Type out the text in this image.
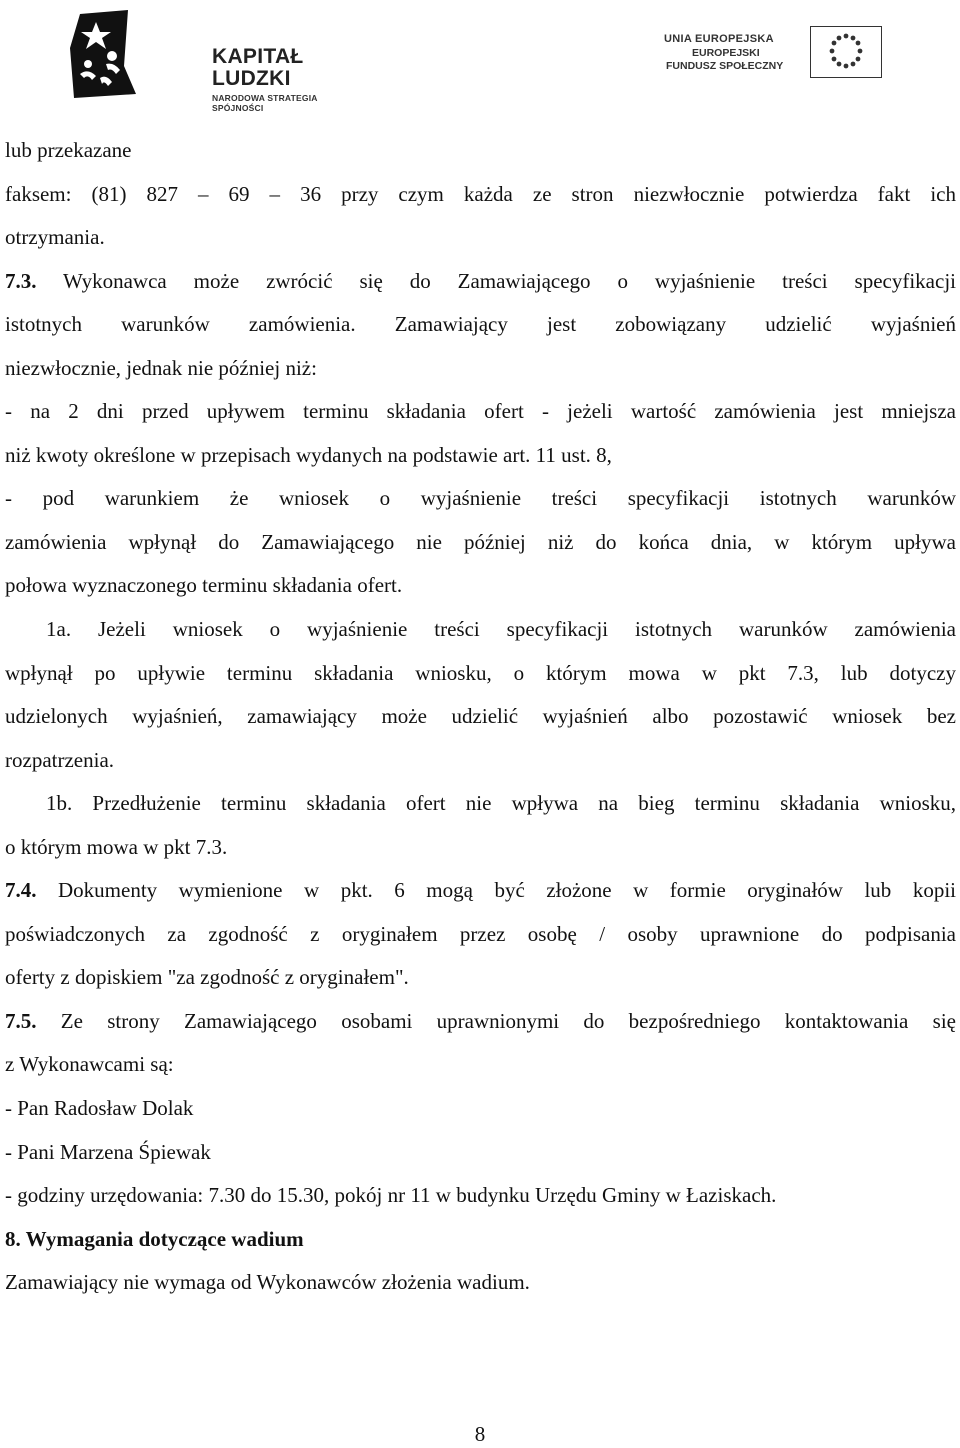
KAPITAŁ LUDZKI
NARODOWA STRATEGIA SPÓJNOŚCI
UNIA EUROPEJSKA
EUROPEJSKI
FUNDUSZ SPOŁECZNY
lub przekazane
faksem: (81) 827 – 69 – 36 przy czym każda ze stron niezwłocznie potwierdza fakt ich
otrzymania.
7.3. Wykonawca może zwrócić się do Zamawiającego o wyjaśnienie treści specyfikacji
istotnych warunków zamówienia. Zamawiający jest zobowiązany udzielić wyjaśnień
niezwłocznie, jednak nie później niż:
- na 2 dni przed upływem terminu składania ofert - jeżeli wartość zamówienia jest mniejsza
niż kwoty określone w przepisach wydanych na podstawie art. 11 ust. 8,
- pod warunkiem że wniosek o wyjaśnienie treści specyfikacji istotnych warunków
zamówienia wpłynął do Zamawiającego nie później niż do końca dnia, w którym upływa
połowa wyznaczonego terminu składania ofert.
1a. Jeżeli wniosek o wyjaśnienie treści specyfikacji istotnych warunków zamówienia
wpłynął po upływie terminu składania wniosku, o którym mowa w pkt 7.3, lub dotyczy
udzielonych wyjaśnień, zamawiający może udzielić wyjaśnień albo pozostawić wniosek bez
rozpatrzenia.
1b. Przedłużenie terminu składania ofert nie wpływa na bieg terminu składania wniosku,
o którym mowa w pkt 7.3.
7.4. Dokumenty wymienione w pkt. 6 mogą być złożone w formie oryginałów lub kopii
poświadczonych za zgodność z oryginałem przez osobę / osoby uprawnione do podpisania
oferty z dopiskiem "za zgodność z oryginałem".
7.5. Ze strony Zamawiającego osobami uprawnionymi do bezpośredniego kontaktowania się
z Wykonawcami są:
- Pan Radosław Dolak
- Pani Marzena Śpiewak
- godziny urzędowania: 7.30 do 15.30, pokój nr 11 w budynku Urzędu Gminy w Łaziskach.
8. Wymagania dotyczące wadium
Zamawiający nie wymaga od Wykonawców złożenia wadium.
8
